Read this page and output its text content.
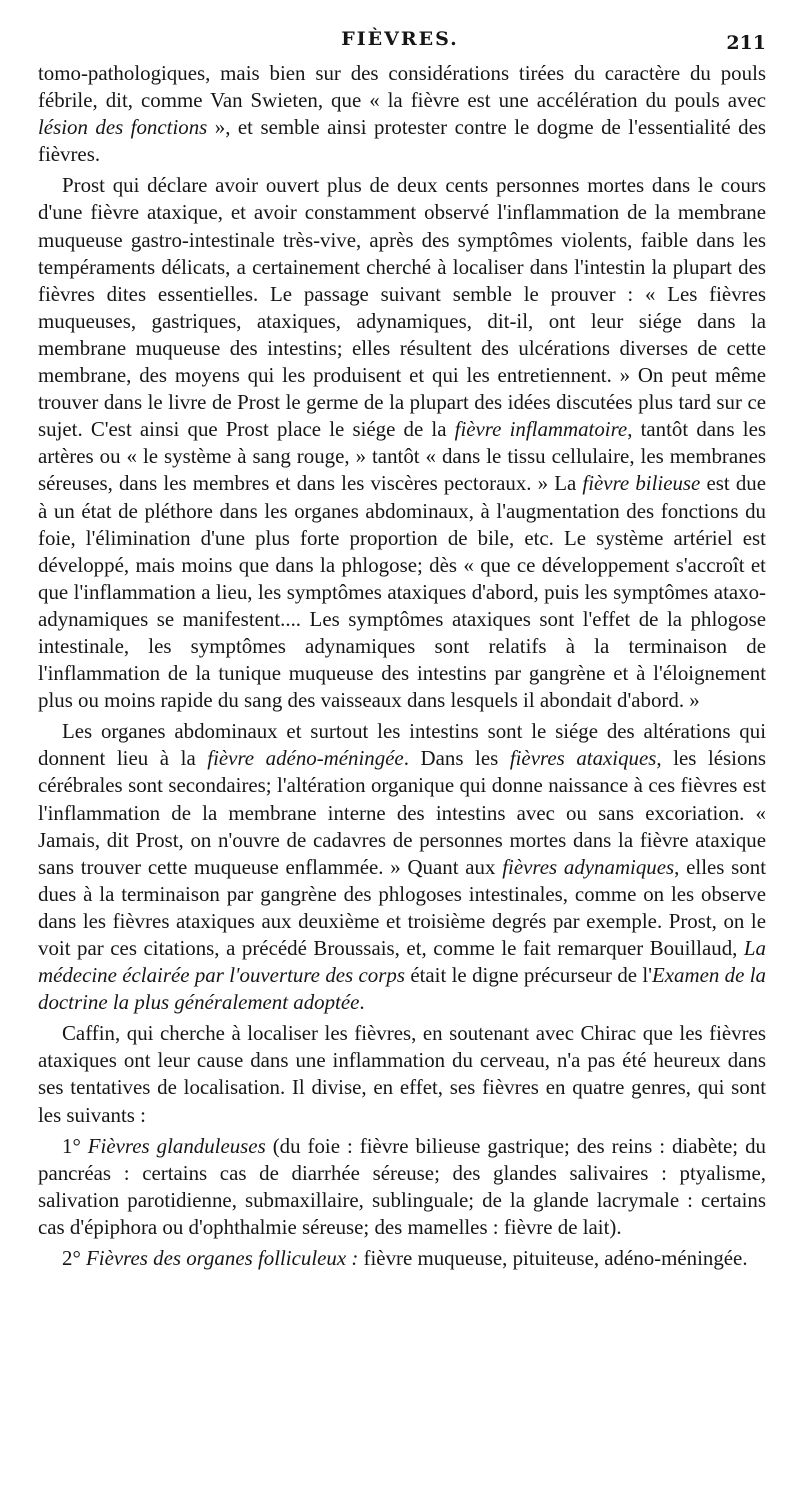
FIÈVRES.	211

tomo-pathologiques, mais bien sur des considérations tirées du caractère du pouls fébrile, dit, comme Van Swieten, que « la fièvre est une accélération du pouls avec lésion des fonctions », et semble ainsi protester contre le dogme de l'essentialité des fièvres.

Prost qui déclare avoir ouvert plus de deux cents personnes mortes dans le cours d'une fièvre ataxique, et avoir constamment observé l'inflammation de la membrane muqueuse gastro-intestinale très-vive, après des symptômes violents, faible dans les tempéraments délicats, a certainement cherché à localiser dans l'intestin la plupart des fièvres dites essentielles. Le passage suivant semble le prouver : « Les fièvres muqueuses, gastriques, ataxiques, adynamiques, dit-il, ont leur siége dans la membrane muqueuse des intestins; elles résultent des ulcérations diverses de cette membrane, des moyens qui les produisent et qui les entretiennent. » On peut même trouver dans le livre de Prost le germe de la plupart des idées discutées plus tard sur ce sujet. C'est ainsi que Prost place le siége de la fièvre inflammatoire, tantôt dans les artères ou « le système à sang rouge, » tantôt « dans le tissu cellulaire, les membranes séreuses, dans les membres et dans les viscères pectoraux. » La fièvre bilieuse est due à un état de pléthore dans les organes abdominaux, à l'augmentation des fonctions du foie, l'élimination d'une plus forte proportion de bile, etc. Le système artériel est développé, mais moins que dans la phlogose; dès « que ce développement s'accroît et que l'inflammation a lieu, les symptômes ataxiques d'abord, puis les symptômes ataxo-adynamiques se manifestent.... Les symptômes ataxiques sont l'effet de la phlogose intestinale, les symptômes adynamiques sont relatifs à la terminaison de l'inflammation de la tunique muqueuse des intestins par gangrène et à l'éloignement plus ou moins rapide du sang des vaisseaux dans lesquels il abondait d'abord. »

Les organes abdominaux et surtout les intestins sont le siége des altérations qui donnent lieu à la fièvre adéno-méningée. Dans les fièvres ataxiques, les lésions cérébrales sont secondaires; l'altération organique qui donne naissance à ces fièvres est l'inflammation de la membrane interne des intestins avec ou sans excoriation. « Jamais, dit Prost, on n'ouvre de cadavres de personnes mortes dans la fièvre ataxique sans trouver cette muqueuse enflammée. » Quant aux fièvres adynamiques, elles sont dues à la terminaison par gangrène des phlogoses intestinales, comme on les observe dans les fièvres ataxiques aux deuxième et troisième degrés par exemple. Prost, on le voit par ces citations, a précédé Broussais, et, comme le fait remarquer Bouillaud, La médecine éclairée par l'ouverture des corps était le digne précurseur de l'Examen de la doctrine la plus généralement adoptée.

Caffin, qui cherche à localiser les fièvres, en soutenant avec Chirac que les fièvres ataxiques ont leur cause dans une inflammation du cerveau, n'a pas été heureux dans ses tentatives de localisation. Il divise, en effet, ses fièvres en quatre genres, qui sont les suivants :

1° Fièvres glanduleuses (du foie : fièvre bilieuse gastrique; des reins : diabète; du pancréas : certains cas de diarrhée séreuse; des glandes salivaires : ptyalisme, salivation parotidienne, submaxillaire, sublinguale; de la glande lacrymale : certains cas d'épiphora ou d'ophthalmie séreuse; des mamelles : fièvre de lait).

2° Fièvres des organes folliculeux : fièvre muqueuse, pituiteuse, adéno-méningée.
